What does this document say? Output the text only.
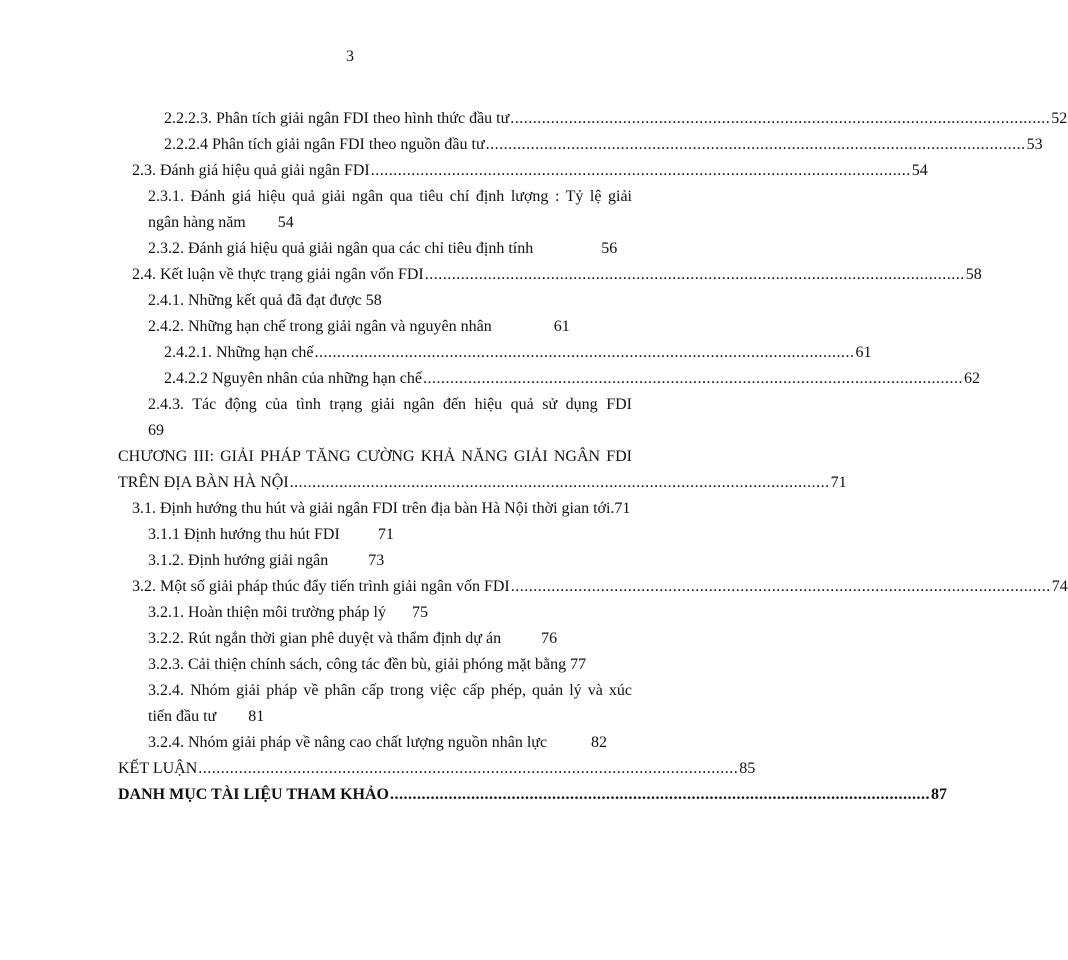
3
2.2.2.3. Phân tích giải ngân FDI theo hình thức đầu tư ........................................................................................................................ 52
2.2.2.4 Phân tích giải ngân FDI theo nguồn đầu tư ........................................................................................................................ 53
2.3. Đánh giá hiệu quả giải ngân FDI ........................................................................................................................ 54
2.3.1. Đánh giá hiệu quả giải ngân qua tiêu chí định lượng : Tỷ lệ giải
ngân hàng năm 54
2.3.2. Đánh giá hiệu quả giải ngân qua các chỉ tiêu định tính	56
2.4. Kết luận về thực trạng giải ngân vốn FDI ........................................................................................................................ 58
2.4.1. Những kết quả đã đạt được 58
2.4.2. Những hạn chế trong giải ngân và nguyên nhân	61
2.4.2.1. Những hạn chế ........................................................................................................................ 61
2.4.2.2 Nguyên nhân của những hạn chế ........................................................................................................................ 62
2.4.3. Tác động của tình trạng giải ngân đến hiệu quả sử dụng FDI
69
CHƯƠNG III: GIẢI PHÁP TĂNG CƯỜNG KHẢ NĂNG GIẢI NGÂN FDI
TRÊN ĐỊA BÀN HÀ NỘI ........................................................................................................................ 71
3.1. Định hướng thu hút và giải ngân FDI trên địa bàn Hà Nội thời gian tới.71
3.1.1 Định hướng thu hút FDI 71
3.1.2. Định hướng giải ngân	73
3.2. Một số giải pháp thúc đẩy tiến trình giải ngân vốn FDI ........................................................................................................................ 74
3.2.1. Hoàn thiện môi trường pháp lý 75
3.2.2. Rút ngắn thời gian phê duyệt và thẩm định dự án	76
3.2.3. Cải thiện chính sách, công tác đền bù, giải phóng mặt bằng 77
3.2.4. Nhóm giải pháp về phân cấp trong việc cấp phép, quản lý và xúc
tiến đầu tư 81
3.2.4. Nhóm giải pháp về nâng cao chất lượng nguồn nhân lực	82
KẾT LUẬN ........................................................................................................................ 85
DANH MỤC TÀI LIỆU THAM KHẢO ........................................................................................................................ 87
